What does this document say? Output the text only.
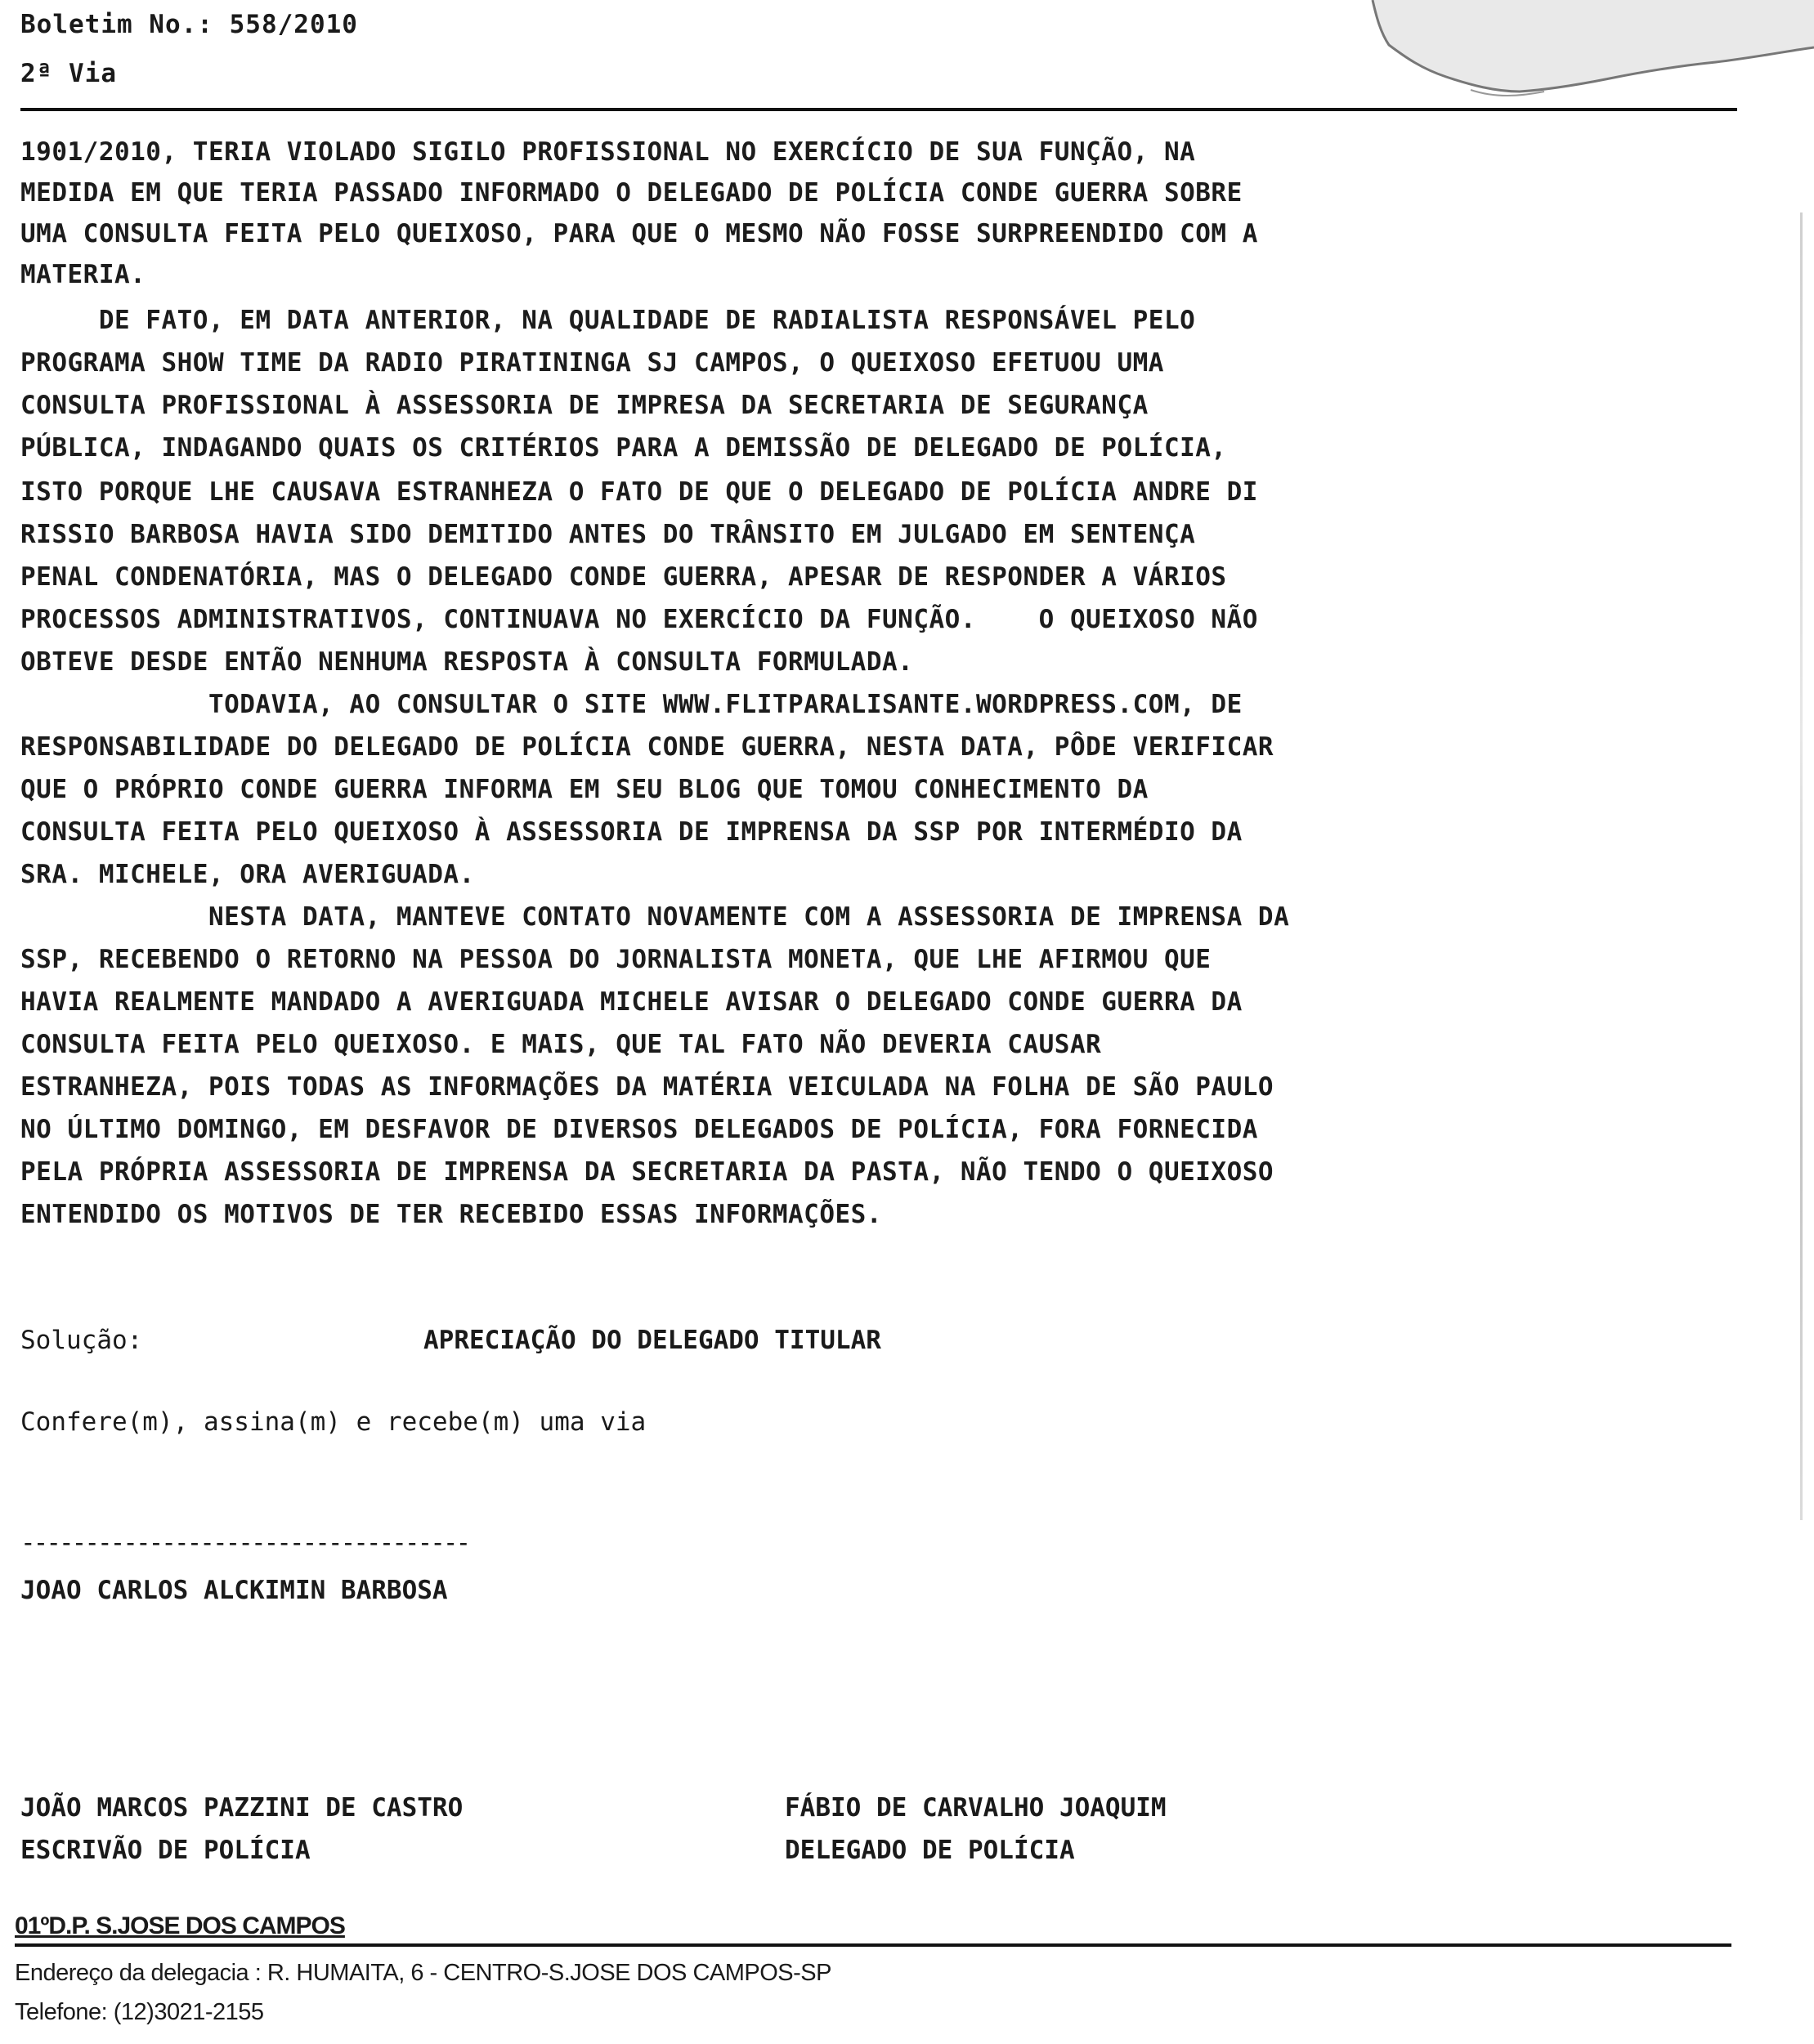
Boletim No.: 558/2010
2ª Via
1901/2010, TERIA VIOLADO SIGILO PROFISSIONAL NO EXERCÍCIO DE SUA FUNÇÃO, NA
MEDIDA EM QUE TERIA PASSADO INFORMADO O DELEGADO DE POLÍCIA CONDE GUERRA SOBRE
UMA CONSULTA FEITA PELO QUEIXOSO, PARA QUE O MESMO NÃO FOSSE SURPREENDIDO COM A
MATERIA.
DE FATO, EM DATA ANTERIOR, NA QUALIDADE DE RADIALISTA RESPONSÁVEL PELO
PROGRAMA SHOW TIME DA RADIO PIRATININGA SJ CAMPOS, O QUEIXOSO EFETUOU UMA
CONSULTA PROFISSIONAL À ASSESSORIA DE IMPRESA DA SECRETARIA DE SEGURANÇA
PÚBLICA, INDAGANDO QUAIS OS CRITÉRIOS PARA A DEMISSÃO DE DELEGADO DE POLÍCIA,
ISTO PORQUE LHE CAUSAVA ESTRANHEZA O FATO DE QUE O DELEGADO DE POLÍCIA ANDRE DI
RISSIO BARBOSA HAVIA SIDO DEMITIDO ANTES DO TRÂNSITO EM JULGADO EM SENTENÇA
PENAL CONDENATÓRIA, MAS O DELEGADO CONDE GUERRA, APESAR DE RESPONDER A VÁRIOS
PROCESSOS ADMINISTRATIVOS, CONTINUAVA NO EXERCÍCIO DA FUNÇÃO.    O QUEIXOSO NÃO
OBTEVE DESDE ENTÃO NENHUMA RESPOSTA À CONSULTA FORMULADA.
TODAVIA, AO CONSULTAR O SITE WWW.FLITPARALISANTE.WORDPRESS.COM, DE
RESPONSABILIDADE DO DELEGADO DE POLÍCIA CONDE GUERRA, NESTA DATA, PÔDE VERIFICAR
QUE O PRÓPRIO CONDE GUERRA INFORMA EM SEU BLOG QUE TOMOU CONHECIMENTO DA
CONSULTA FEITA PELO QUEIXOSO À ASSESSORIA DE IMPRENSA DA SSP POR INTERMÉDIO DA
SRA. MICHELE, ORA AVERIGUADA.
NESTA DATA, MANTEVE CONTATO NOVAMENTE COM A ASSESSORIA DE IMPRENSA DA
SSP, RECEBENDO O RETORNO NA PESSOA DO JORNALISTA MONETA, QUE LHE AFIRMOU QUE
HAVIA REALMENTE MANDADO A AVERIGUADA MICHELE AVISAR O DELEGADO CONDE GUERRA DA
CONSULTA FEITA PELO QUEIXOSO. E MAIS, QUE TAL FATO NÃO DEVERIA CAUSAR
ESTRANHEZA, POIS TODAS AS INFORMAÇÕES DA MATÉRIA VEICULADA NA FOLHA DE SÃO PAULO
NO ÚLTIMO DOMINGO, EM DESFAVOR DE DIVERSOS DELEGADOS DE POLÍCIA, FORA FORNECIDA
PELA PRÓPRIA ASSESSORIA DE IMPRENSA DA SECRETARIA DA PASTA, NÃO TENDO O QUEIXOSO
ENTENDIDO OS MOTIVOS DE TER RECEBIDO ESSAS INFORMAÇÕES.
Solução:	APRECIAÇÃO DO DELEGADO TITULAR
Confere(m), assina(m) e recebe(m) uma via
-----------------------------------
JOAO CARLOS ALCKIMIN BARBOSA
JOÃO MARCOS PAZZINI DE CASTRO
ESCRIVÃO DE POLÍCIA
FÁBIO DE CARVALHO JOAQUIM
DELEGADO DE POLÍCIA
01ºD.P. S.JOSE DOS CAMPOS
Endereço da delegacia : R. HUMAITA, 6 - CENTRO-S.JOSE DOS CAMPOS-SP
Telefone: (12)3021-2155
